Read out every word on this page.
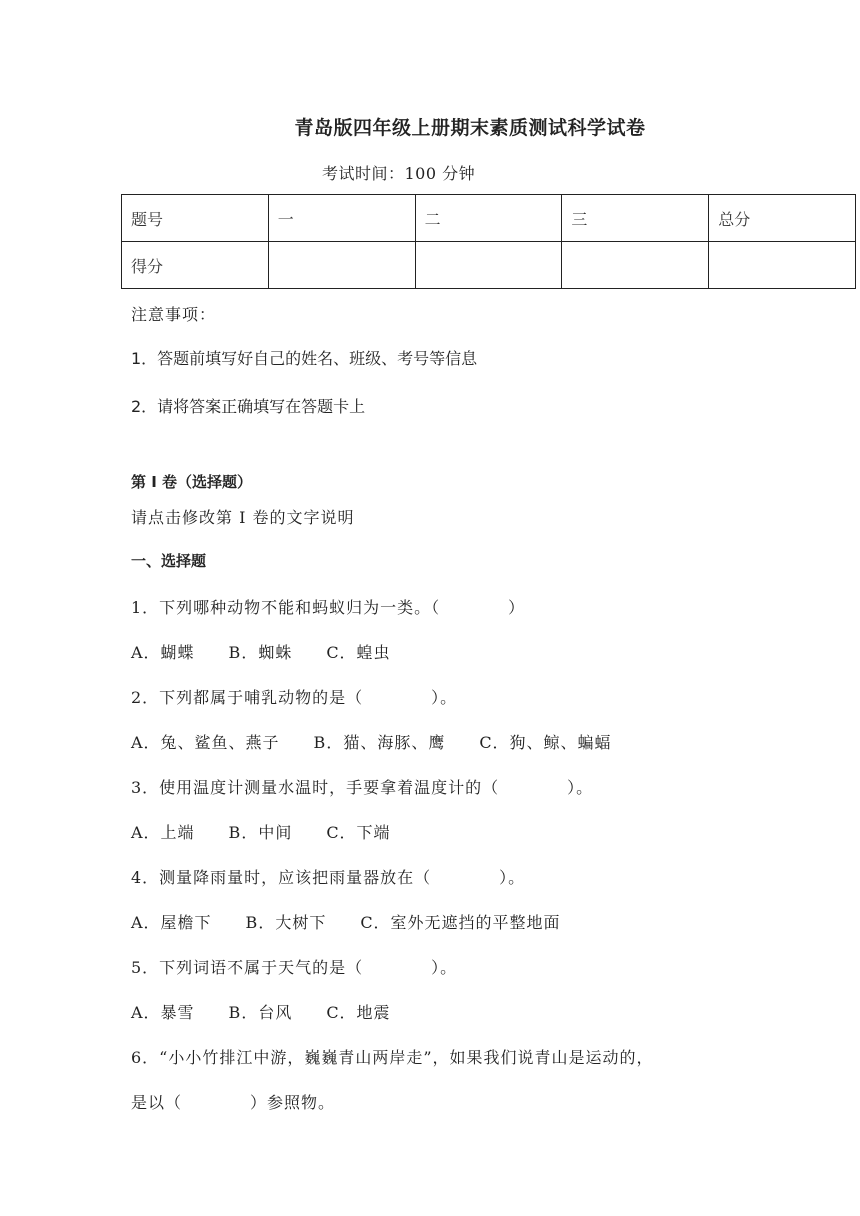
青岛版四年级上册期末素质测试科学试卷
考试时间：100 分钟
题号	一	二	三	总分
得分				
注意事项：
1．答题前填写好自己的姓名、班级、考号等信息
2．请将答案正确填写在答题卡上
第 I 卷（选择题）
请点击修改第 I 卷的文字说明
一、选择题
1．下列哪种动物不能和蚂蚁归为一类。（　　　　）
A．蝴蝶　　B．蜘蛛　　C．蝗虫
2．下列都属于哺乳动物的是（　　　　）。
A．兔、鲨鱼、燕子　　B．猫、海豚、鹰　　C．狗、鲸、蝙蝠
3．使用温度计测量水温时，手要拿着温度计的（　　　　）。
A．上端　　B．中间　　C．下端
4．测量降雨量时，应该把雨量器放在（　　　　）。
A．屋檐下　　B．大树下　　C．室外无遮挡的平整地面
5．下列词语不属于天气的是（　　　　）。
A．暴雪　　B．台风　　C．地震
6．“小小竹排江中游，巍巍青山两岸走”，如果我们说青山是运动的，
是以（　　　　）参照物。
